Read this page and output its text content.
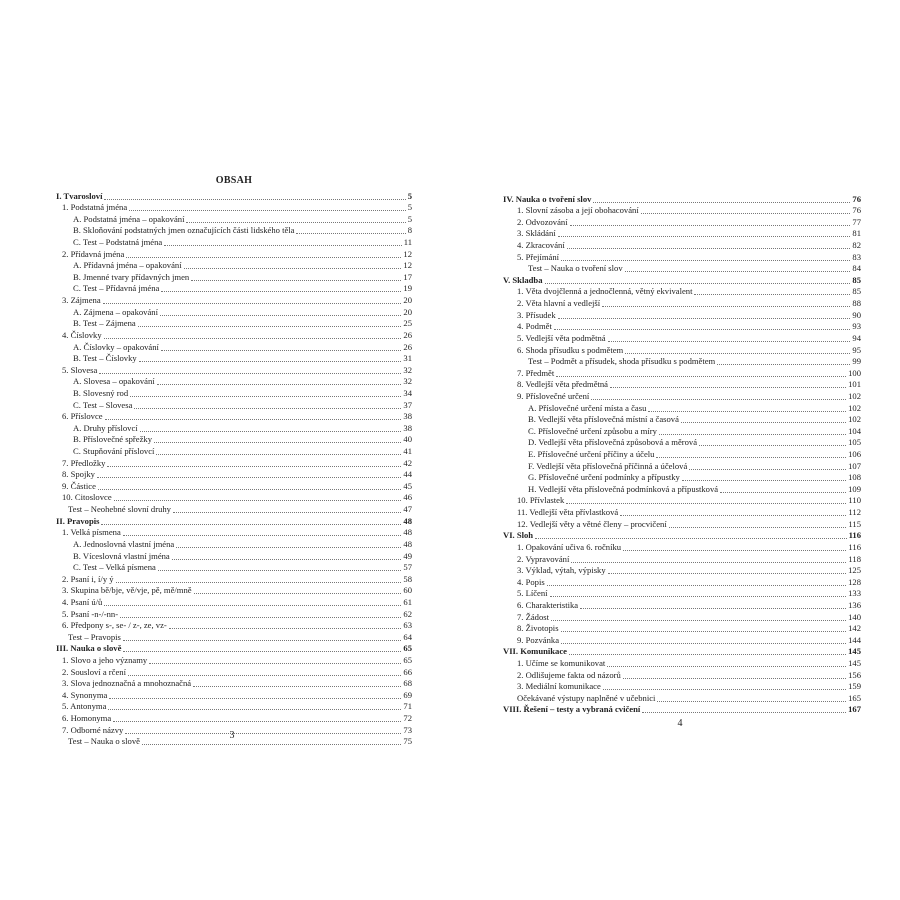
OBSAH
I. Tvarosloví	5
1. Podstatná jména	5
A. Podstatná jména – opakování	5
B. Skloňování podstatných jmen označujících části lidského těla	8
C. Test – Podstatná jména	11
2. Přídavná jména	12
A. Přídavná jména – opakování	12
B. Jmenné tvary přídavných jmen	17
C. Test – Přídavná jména	19
3. Zájmena	20
A. Zájmena – opakování	20
B. Test – Zájmena	25
4. Číslovky	26
A. Číslovky – opakování	26
B. Test – Číslovky	31
5. Slovesa	32
A. Slovesa – opakování	32
B. Slovesný rod	34
C. Test – Slovesa	37
6. Příslovce	38
A. Druhy příslovcí	38
B. Příslovečné spřežky	40
C. Stupňování příslovcí	41
7. Předložky	42
8. Spojky	44
9. Částice	45
10. Citoslovce	46
Test – Neohebné slovní druhy	47
II. Pravopis	48
1. Velká písmena	48
A. Jednoslovná vlastní jména	48
B. Víceslovná vlastní jména	49
C. Test – Velká písmena	57
2. Psaní i, í/y ý	58
3. Skupina bě/bje, vě/vje, pě, mě/mně	60
4. Psaní ú/ů	61
5. Psaní -n-/-nn-	62
6. Předpony s-, se- / z-, ze, vz-	63
Test – Pravopis	64
III. Nauka o slově	65
1. Slovo a jeho významy	65
2. Sousloví a rčení	66
3. Slova jednoznačná a mnohoznačná	68
4. Synonyma	69
5. Antonyma	71
6. Homonyma	72
7. Odborné názvy	73
Test – Nauka o slově	75
IV. Nauka o tvoření slov	76
1. Slovní zásoba a její obohacování	76
2. Odvozování	77
3. Skládání	81
4. Zkracování	82
5. Přejímání	83
Test – Nauka o tvoření slov	84
V. Skladba	85
1. Věta dvojčlenná a jednočlenná, větný ekvivalent	85
2. Věta hlavní a vedlejší	88
3. Přísudek	90
4. Podmět	93
5. Vedlejší věta podmětná	94
6. Shoda přísudku s podmětem	95
Test – Podmět a přísudek, shoda přísudku s podmětem	99
7. Předmět	100
8. Vedlejší věta předmětná	101
9. Příslovečné určení	102
A. Příslovečné určení místa a času	102
B. Vedlejší věta příslovečná místní a časová	102
C. Příslovečné určení způsobu a míry	104
D. Vedlejší věta příslovečná způsobová a měrová	105
E. Příslovečné určení příčiny a účelu	106
F. Vedlejší věta příslovečná příčinná a účelová	107
G. Příslovečné určení podmínky a přípustky	108
H. Vedlejší věta příslovečná podmínková a přípustková	109
10. Přívlastek	110
11. Vedlejší věta přívlastková	112
12. Vedlejší věty a větné členy – procvičení	115
VI. Sloh	116
1. Opakování učiva 6. ročníku	116
2. Vypravování	118
3. Výklad, výtah, výpisky	125
4. Popis	128
5. Líčení	133
6. Charakteristika	136
7. Žádost	140
8. Životopis	142
9. Pozvánka	144
VII. Komunikace	145
1. Učíme se komunikovat	145
2. Odlišujeme fakta od názorů	156
3. Mediální komunikace	159
Očekávané výstupy naplněné v učebnici	165
VIII. Řešení – testy a vybraná cvičení	167
3
4
